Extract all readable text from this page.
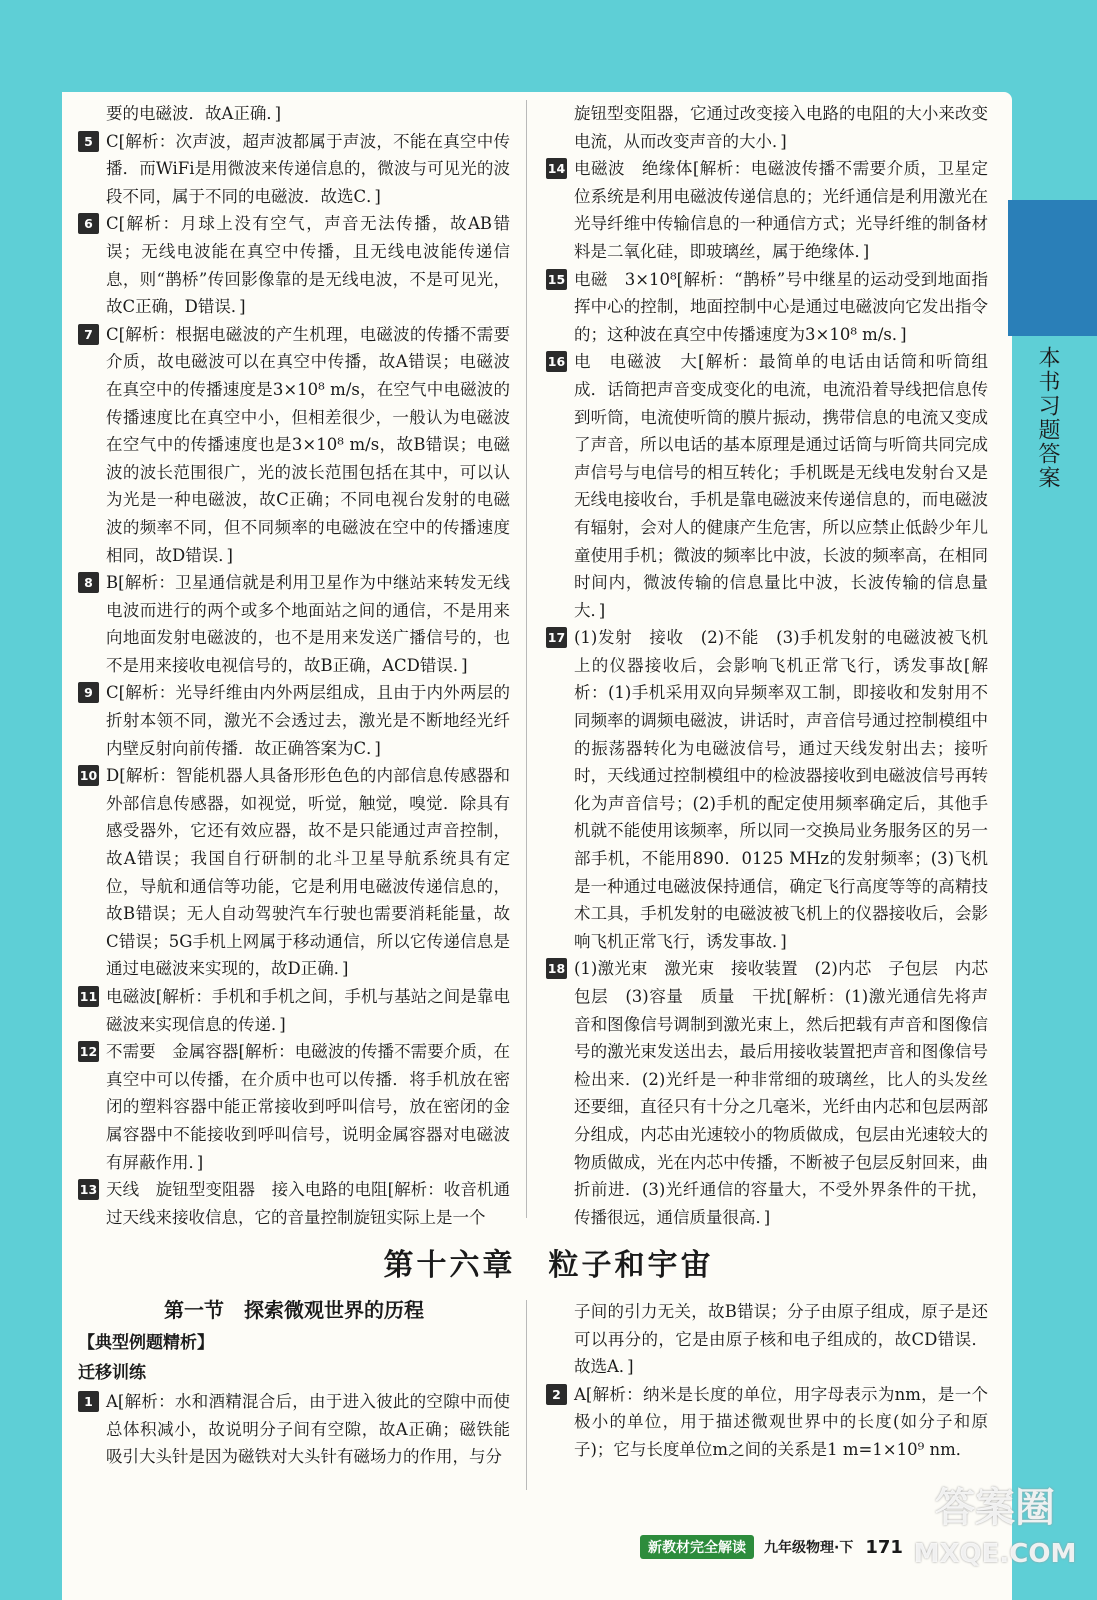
本书习题答案
要的电磁波．故A正确．]
5 C[解析：次声波，超声波都属于声波，不能在真空中传播．而WiFi是用微波来传递信息的，微波与可见光的波段不同，属于不同的电磁波．故选C．]
6 C[解析：月球上没有空气，声音无法传播，故AB错误；无线电波能在真空中传播，且无线电波能传递信息，则“鹊桥”传回影像靠的是无线电波，不是可见光，故C正确，D错误．]
7 C[解析：根据电磁波的产生机理，电磁波的传播不需要介质，故电磁波可以在真空中传播，故A错误；电磁波在真空中的传播速度是3×10⁸ m/s，在空气中电磁波的传播速度比在真空中小，但相差很少，一般认为电磁波在空气中的传播速度也是3×10⁸ m/s，故B错误；电磁波的波长范围很广，光的波长范围包括在其中，可以认为光是一种电磁波，故C正确；不同电视台发射的电磁波的频率不同，但不同频率的电磁波在空中的传播速度相同，故D错误．]
8 B[解析：卫星通信就是利用卫星作为中继站来转发无线电波而进行的两个或多个地面站之间的通信，不是用来向地面发射电磁波的，也不是用来发送广播信号的，也不是用来接收电视信号的，故B正确，ACD错误．]
9 C[解析：光导纤维由内外两层组成，且由于内外两层的折射本领不同，激光不会透过去，激光是不断地经光纤内壁反射向前传播．故正确答案为C．]
10 D[解析：智能机器人具备形形色色的内部信息传感器和外部信息传感器，如视觉，听觉，触觉，嗅觉．除具有感受器外，它还有效应器，故不是只能通过声音控制，故A错误；我国自行研制的北斗卫星导航系统具有定位，导航和通信等功能，它是利用电磁波传递信息的，故B错误；无人自动驾驶汽车行驶也需要消耗能量，故C错误；5G手机上网属于移动通信，所以它传递信息是通过电磁波来实现的，故D正确．]
11 电磁波[解析：手机和手机之间，手机与基站之间是靠电磁波来实现信息的传递．]
12 不需要　金属容器[解析：电磁波的传播不需要介质，在真空中可以传播，在介质中也可以传播．将手机放在密闭的塑料容器中能正常接收到呼叫信号，放在密闭的金属容器中不能接收到呼叫信号，说明金属容器对电磁波有屏蔽作用．]
13 天线　旋钮型变阻器　接入电路的电阻[解析：收音机通过天线来接收信息，它的音量控制旋钮实际上是一个
旋钮型变阻器，它通过改变接入电路的电阻的大小来改变电流，从而改变声音的大小．]
14 电磁波　绝缘体[解析：电磁波传播不需要介质，卫星定位系统是利用电磁波传递信息的；光纤通信是利用激光在光导纤维中传输信息的一种通信方式；光导纤维的制备材料是二氧化硅，即玻璃丝，属于绝缘体．]
15 电磁　3×10⁸[解析：“鹊桥”号中继星的运动受到地面指挥中心的控制，地面控制中心是通过电磁波向它发出指令的；这种波在真空中传播速度为3×10⁸ m/s．]
16 电　电磁波　大[解析：最简单的电话由话筒和听筒组成．话筒把声音变成变化的电流，电流沿着导线把信息传到听筒，电流使听筒的膜片振动，携带信息的电流又变成了声音，所以电话的基本原理是通过话筒与听筒共同完成声信号与电信号的相互转化；手机既是无线电发射台又是无线电接收台，手机是靠电磁波来传递信息的，而电磁波有辐射，会对人的健康产生危害，所以应禁止低龄少年儿童使用手机；微波的频率比中波，长波的频率高，在相同时间内，微波传输的信息量比中波，长波传输的信息量大．]
17 (1)发射　接收　(2)不能　(3)手机发射的电磁波被飞机上的仪器接收后，会影响飞机正常飞行，诱发事故[解析：(1)手机采用双向异频率双工制，即接收和发射用不同频率的调频电磁波，讲话时，声音信号通过控制模组中的振荡器转化为电磁波信号，通过天线发射出去；接听时，天线通过控制模组中的检波器接收到电磁波信号再转化为声音信号；(2)手机的配定使用频率确定后，其他手机就不能使用该频率，所以同一交换局业务服务区的另一部手机，不能用890．0125 MHz的发射频率；(3)飞机是一种通过电磁波保持通信，确定飞行高度等等的高精技术工具，手机发射的电磁波被飞机上的仪器接收后，会影响飞机正常飞行，诱发事故．]
18 (1)激光束　激光束　接收装置　(2)内芯　子包层　内芯　包层　(3)容量　质量　干扰[解析：(1)激光通信先将声音和图像信号调制到激光束上，然后把载有声音和图像信号的激光束发送出去，最后用接收装置把声音和图像信号检出来．(2)光纤是一种非常细的玻璃丝，比人的头发丝还要细，直径只有十分之几毫米，光纤由内芯和包层两部分组成，内芯由光速较小的物质做成，包层由光速较大的物质做成，光在内芯中传播，不断被子包层反射回来，曲折前进．(3)光纤通信的容量大，不受外界条件的干扰，传播很远，通信质量很高．]
第十六章　粒子和宇宙
第一节　探索微观世界的历程
【典型例题精析】
迁移训练
1 A[解析：水和酒精混合后，由于进入彼此的空隙中而使总体积减小，故说明分子间有空隙，故A正确；磁铁能吸引大头针是因为磁铁对大头针有磁场力的作用，与分
子间的引力无关，故B错误；分子由原子组成，原子是还可以再分的，它是由原子核和电子组成的，故CD错误．故选A．]
2 A[解析：纳米是长度的单位，用字母表示为nm，是一个极小的单位，用于描述微观世界中的长度(如分子和原子)；它与长度单位m之间的关系是1 m=1×10⁹ nm．
新教材完全解读	九年级物理·下 171
答案圈
MXQE.COM
